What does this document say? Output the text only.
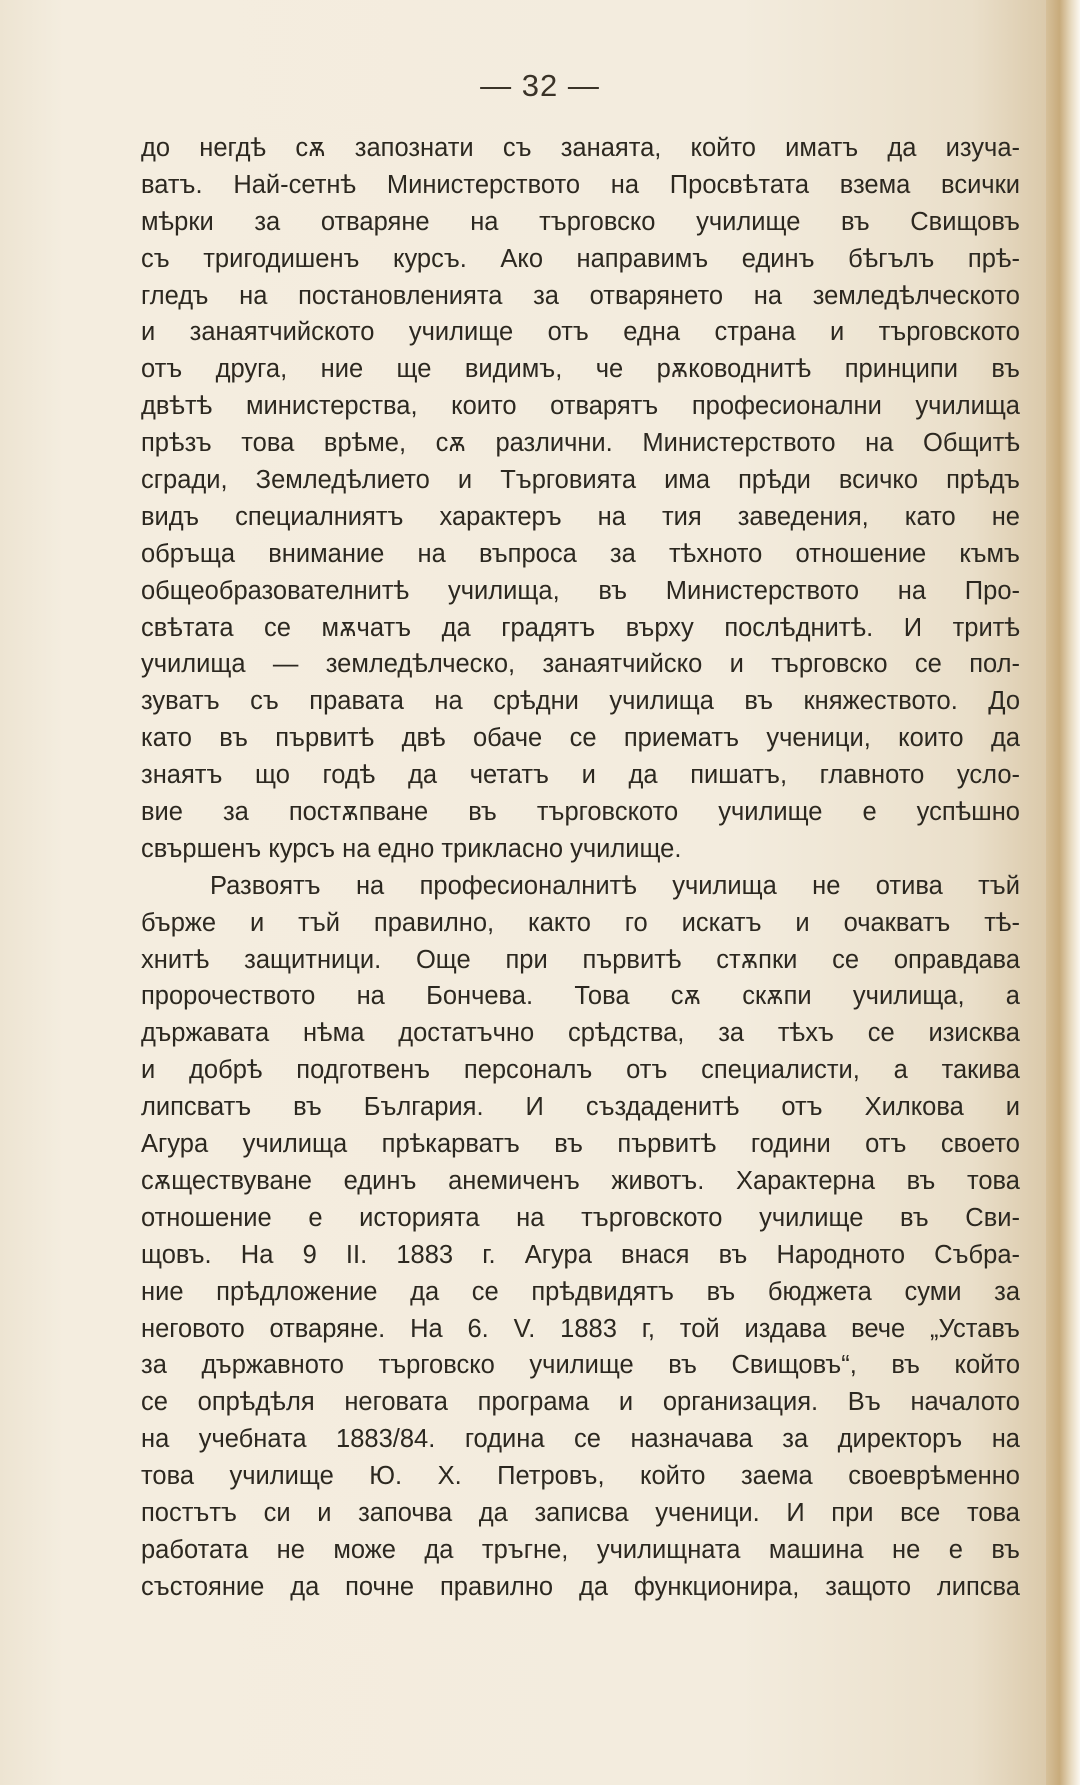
— 32 —
до негдѣ сѫ запознати съ занаята, който иматъ да изуча-
ватъ. Най-сетнѣ Министерството на Просвѣтата взема всички
мѣрки за отваряне на търговско училище въ Свищовъ
съ тригодишенъ курсъ. Ако направимъ единъ бѣгълъ прѣ-
гледъ на постановленията за отварянето на земледѣлческото
и занаятчийското училище отъ една страна и търговското
отъ друга, ние ще видимъ, че рѫководнитѣ принципи въ
двѣтѣ министерства, които отварятъ професионални училища
прѣзъ това врѣме, сѫ различни. Министерството на Общитѣ
сгради, Земледѣлието и Търговията има прѣди всичко прѣдъ
видъ специалниятъ характеръ на тия заведения, като не
обръща внимание на въпроса за тѣхното отношение къмъ
общеобразователнитѣ училища, въ Министерството на Про-
свѣтата се мѫчатъ да градятъ върху послѣднитѣ. И тритѣ
училища — земледѣлческо, занаятчийско и търговско се пол-
зуватъ съ правата на срѣдни училища въ княжеството. До
като въ първитѣ двѣ обаче се приематъ ученици, които да
знаятъ що годѣ да четатъ и да пишатъ, главното усло-
вие за постѫпване въ търговското училище е успѣшно
свършенъ курсъ на едно трикласно училище.
Развоятъ на професионалнитѣ училища не отива тъй
бърже и тъй правилно, както го искатъ и очакватъ тѣ-
хнитѣ защитници. Още при първитѣ стѫпки се оправдава
пророчеството на Бончева. Това сѫ скѫпи училища, а
държавата нѣма достатъчно срѣдства, за тѣхъ се изисква
и добрѣ подготвенъ персоналъ отъ специалисти, а такива
липсватъ въ България. И създаденитѣ отъ Хилкова и
Агура училища прѣкарватъ въ първитѣ години отъ своето
сѫществуване единъ анемиченъ животъ. Характерна въ това
отношение е историята на търговското училище въ Сви-
щовъ. На 9 II. 1883 г. Агура внася въ Народното Събра-
ние прѣдложение да се прѣдвидятъ въ бюджета суми за
неговото отваряне. На 6. V. 1883 г, той издава вече „Уставъ
за държавното търговско училище въ Свищовъ“, въ който
се опрѣдѣля неговата програма и организация. Въ началото
на учебната 1883/84. година се назначава за директоръ на
това училище Ю. Х. Петровъ, който заема своеврѣменно
постътъ си и започва да записва ученици. И при все това
работата не може да тръгне, училищната машина не е въ
състояние да почне правилно да функционира, защото липсва
